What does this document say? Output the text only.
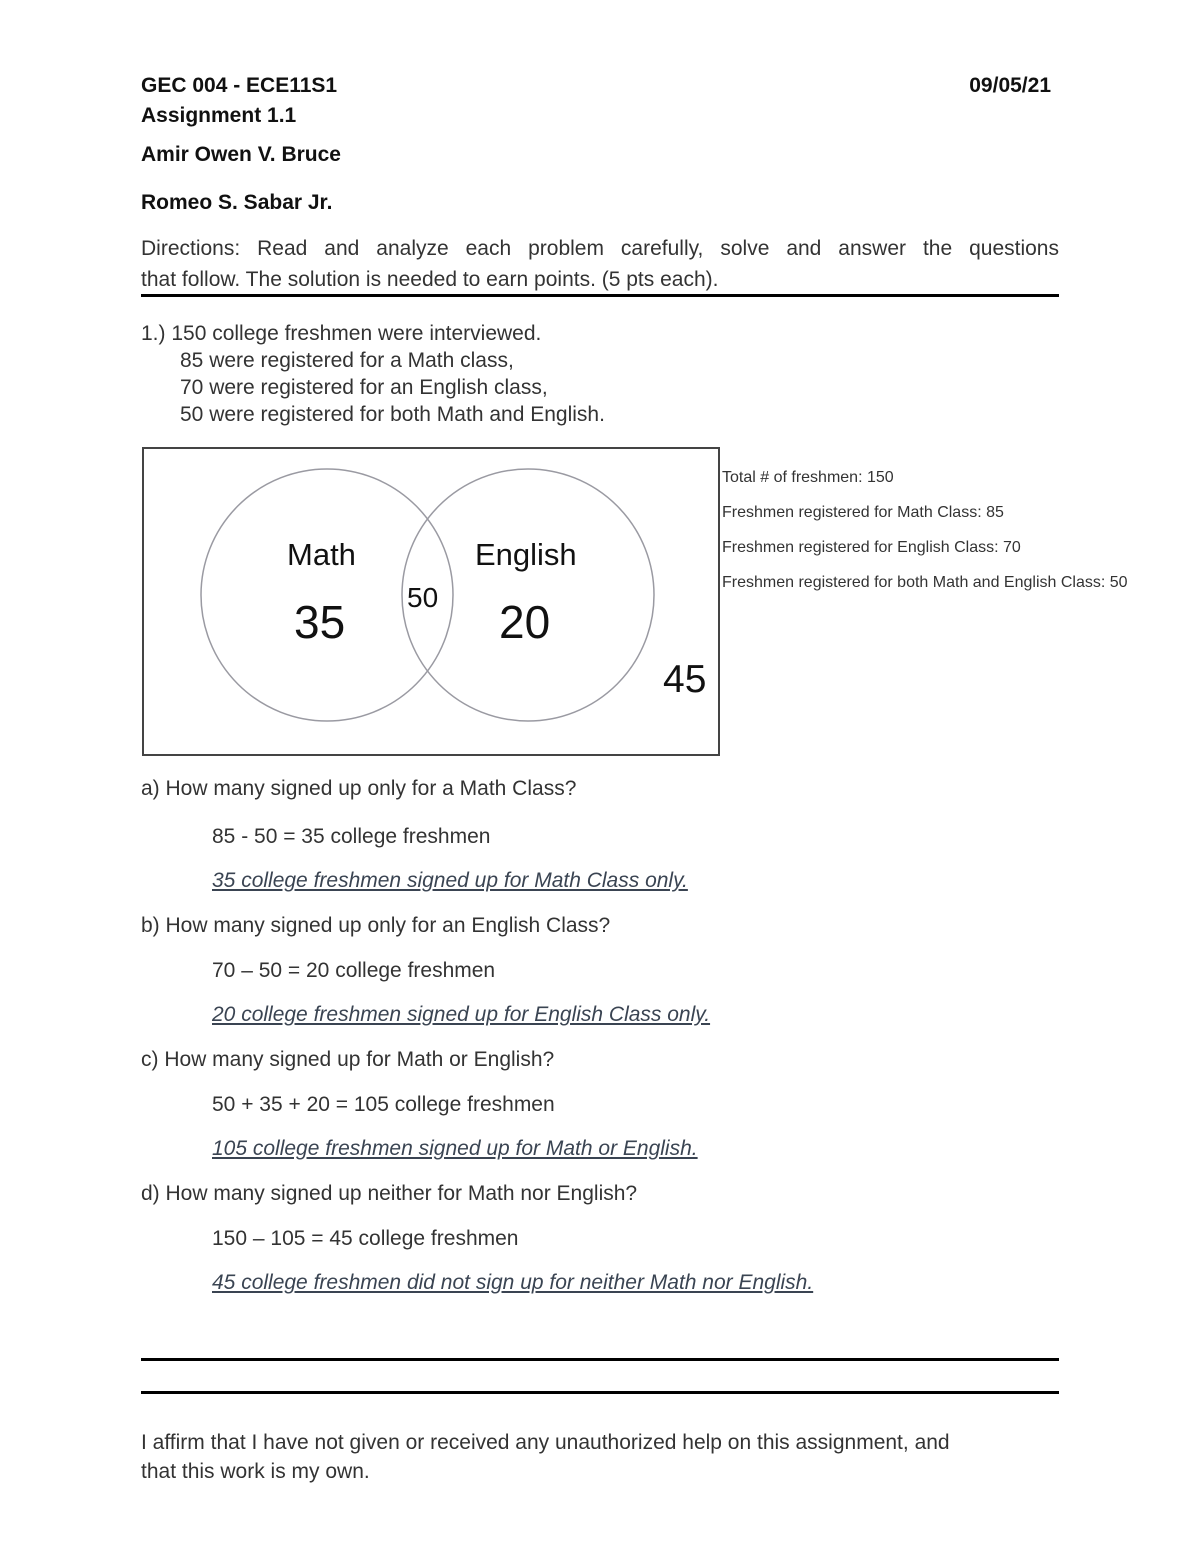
GEC 004 - ECE11S1	09/05/21
Assignment 1.1
Amir Owen V. Bruce
Romeo S. Sabar Jr.
Directions: Read and analyze each problem carefully, solve and answer the questions
that follow. The solution is needed to earn points. (5 pts each).
1.) 150 college freshmen were interviewed.
85 were registered for a Math class,
70 were registered for an English class,
50 were registered for both Math and English.
Math
35
English
20
50
45
Total # of freshmen: 150
Freshmen registered for Math Class: 85
Freshmen registered for English Class: 70
Freshmen registered for both Math and English Class: 50
a) How many signed up only for a Math Class?
85 - 50 = 35 college freshmen
35 college freshmen signed up for Math Class only.
b) How many signed up only for an English Class?
70 – 50 = 20 college freshmen
20 college freshmen signed up for English Class only.
c) How many signed up for Math or English?
50 + 35 + 20 = 105 college freshmen
105 college freshmen signed up for Math or English.
d) How many signed up neither for Math nor English?
150 – 105 = 45 college freshmen
45 college freshmen did not sign up for neither Math nor English.
I affirm that I have not given or received any unauthorized help on this assignment, and
that this work is my own.
